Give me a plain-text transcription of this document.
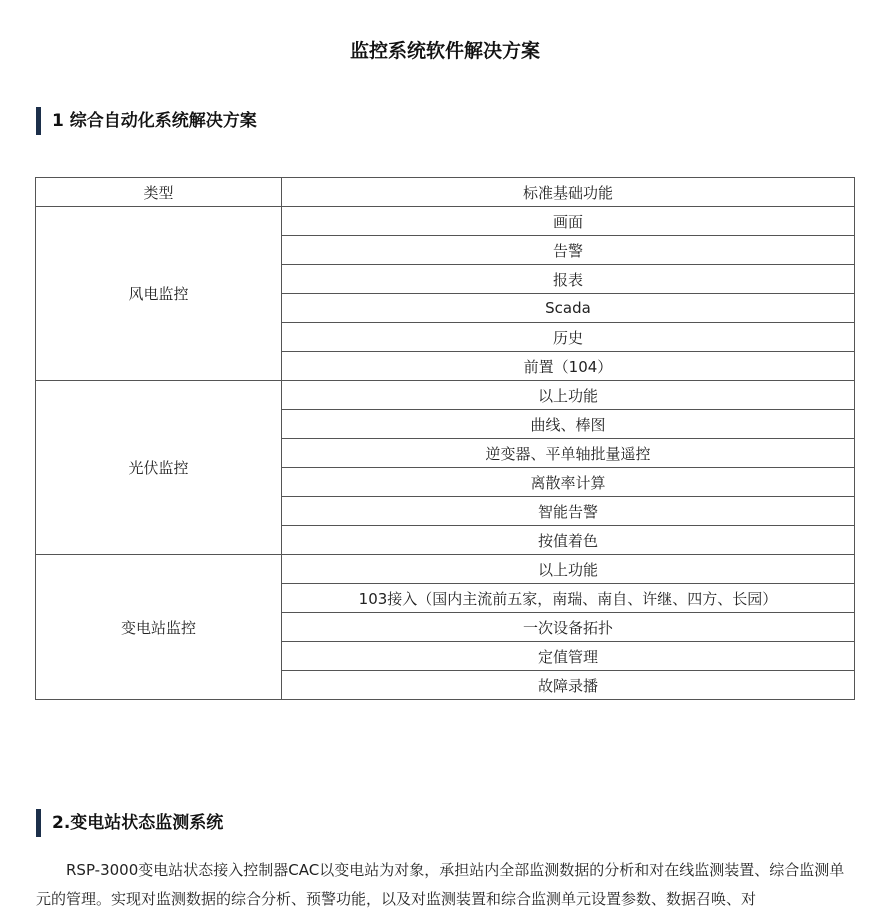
监控系统软件解决方案
1 综合自动化系统解决方案
类型	标准基础功能
风电监控	画面
	告警
	报表
	Scada
	历史
	前置（104）
光伏监控	以上功能
	曲线、棒图
	逆变器、平单轴批量遥控
	离散率计算
	智能告警
	按值着色
变电站监控	以上功能
	103接入（国内主流前五家，南瑞、南自、许继、四方、长园）
	一次设备拓扑
	定值管理
	故障录播
2.变电站状态监测系统

RSP-3000变电站状态接入控制器CAC以变电站为对象，承担站内全部监测数据的分析和对在线监测装置、综合监测单元的管理。实现对监测数据的综合分析、预警功能，以及对监测装置和综合监测单元设置参数、数据召唤、对
